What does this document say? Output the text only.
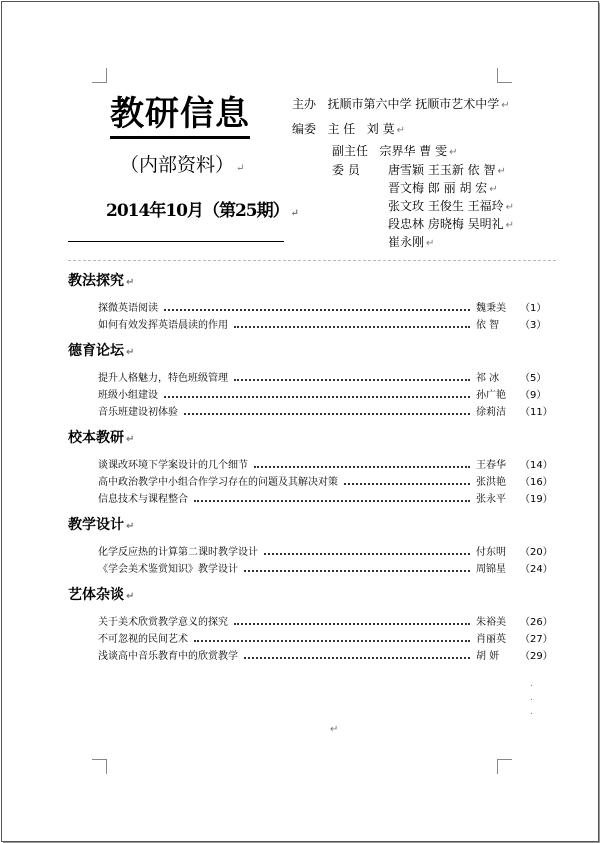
教研信息
（内部资料） ↵
2014年10月（第25期） ↵
主办 抚顺市第六中学 抚顺市艺术中学 ↵
编委 主 任 刘 莫 ↵
副主任 宗界华 曹 雯 ↵
委 员 唐雪颖 王玉新 依 智 ↵
晋文梅 郎 丽 胡 宏 ↵
张文玫 王俊生 王福玲 ↵
段忠林 房晓梅 吴明礼 ↵
崔永刚 ↵
教法探究 ↵
探微英语阅读	魏秉美	（1）
如何有效发挥英语晨读的作用	依 智	（3）
德育论坛 ↵
提升人格魅力，特色班级管理	祁 冰	（5）
班级小组建设	孙广艳	（9）
音乐班建设初体验	徐莉洁	（11）
校本教研 ↵
谈课改环境下学案设计的几个细节	王春华	（14）
高中政治教学中小组合作学习存在的问题及其解决对策	张洪艳	（16）
信息技术与课程整合	张永平	（19）
教学设计 ↵
化学反应热的计算第二课时教学设计	付东明	（20）
《学会美术鉴赏知识》教学设计	周锦星	（24）
艺体杂谈 ↵
关于美术欣赏教学意义的探究	朱裕美	（26）
不可忽视的民间艺术	肖丽英	（27）
浅谈高中音乐教育中的欣赏教学	胡 妍	（29）
.
.
.
↵
